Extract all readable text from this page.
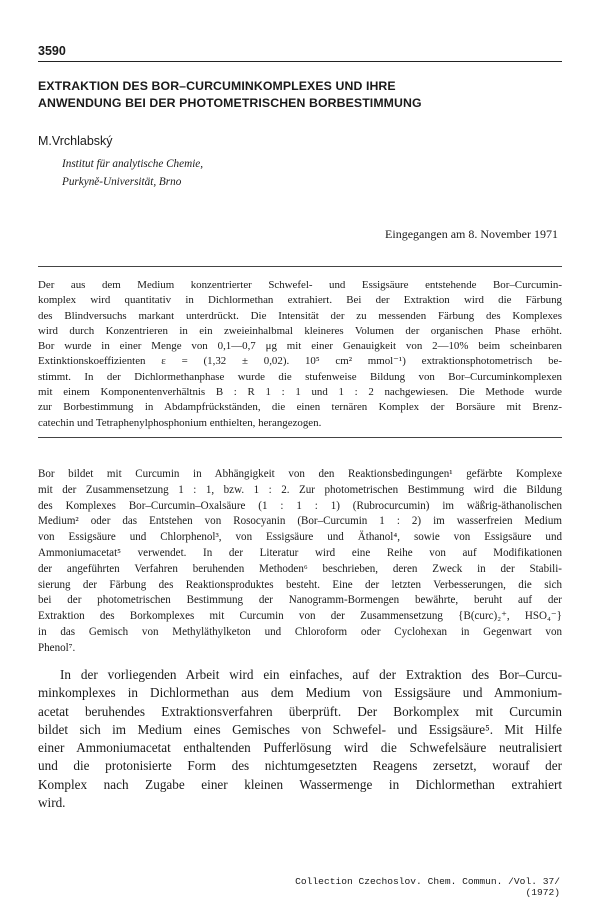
3590
EXTRAKTION DES BOR–CURCUMINKOMPLEXES UND IHRE
ANWENDUNG BEI DER PHOTOMETRISCHEN BORBESTIMMUNG
M.Vrchlabský
Institut für analytische Chemie,
Purkyně-Universität, Brno
Eingegangen am 8. November 1971
Der aus dem Medium konzentrierter Schwefel- und Essigsäure entstehende Bor–Curcumin-
komplex wird quantitativ in Dichlormethan extrahiert. Bei der Extraktion wird die Färbung
des Blindversuchs markant unterdrückt. Die Intensität der zu messenden Färbung des Komplexes
wird durch Konzentrieren in ein zweieinhalbmal kleineres Volumen der organischen Phase erhöht.
Bor wurde in einer Menge von 0,1—0,7 μg mit einer Genauigkeit von 2—10% beim scheinbaren
Extinktionskoeffizienten ε = (1,32 ± 0,02). 10⁵ cm² mmol⁻¹) extraktionsphotometrisch be-
stimmt. In der Dichlormethanphase wurde die stufenweise Bildung von Bor–Curcuminkomplexen
mit einem Komponentenverhältnis B : R 1 : 1 und 1 : 2 nachgewiesen. Die Methode wurde
zur Borbestimmung in Abdampfrückständen, die einen ternären Komplex der Borsäure mit Brenz-
catechin und Tetraphenylphosphonium enthielten, herangezogen.
Bor bildet mit Curcumin in Abhängigkeit von den Reaktionsbedingungen¹ gefärbte Komplexe
mit der Zusammensetzung 1 : 1, bzw. 1 : 2. Zur photometrischen Bestimmung wird die Bildung
des Komplexes Bor–Curcumin–Oxalsäure (1 : 1 : 1) (Rubrocurcumin) im wäßrig-äthanolischen
Medium² oder das Entstehen von Rosocyanin (Bor–Curcumin 1 : 2) im wasserfreien Medium
von Essigsäure und Chlorphenol³, von Essigsäure und Äthanol⁴, sowie von Essigsäure und
Ammoniumacetat⁵ verwendet. In der Literatur wird eine Reihe von auf Modifikationen
der angeführten Verfahren beruhenden Methoden⁶ beschrieben, deren Zweck in der Stabili-
sierung der Färbung des Reaktionsproduktes besteht. Eine der letzten Verbesserungen, die sich
bei der photometrischen Bestimmung der Nanogramm-Bormengen bewährte, beruht auf der
Extraktion des Borkomplexes mit Curcumin von der Zusammensetzung {B(curc)₂⁺, HSO₄⁻}
in das Gemisch von Methyläthylketon und Chloroform oder Cyclohexan in Gegenwart von
Phenol⁷.
In der vorliegenden Arbeit wird ein einfaches, auf der Extraktion des Bor–Curcu-
minkomplexes in Dichlormethan aus dem Medium von Essigsäure und Ammonium-
acetat beruhendes Extraktionsverfahren überprüft. Der Borkomplex mit Curcumin
bildet sich im Medium eines Gemisches von Schwefel- und Essigsäure⁵. Mit Hilfe
einer Ammoniumacetat enthaltenden Pufferlösung wird die Schwefelsäure neutralisiert
und die protonisierte Form des nichtumgesetzten Reagens zersetzt, worauf der
Komplex nach Zugabe einer kleinen Wassermenge in Dichlormethan extrahiert
wird.
Collection Czechoslov. Chem. Commun. /Vol. 37/ (1972)
